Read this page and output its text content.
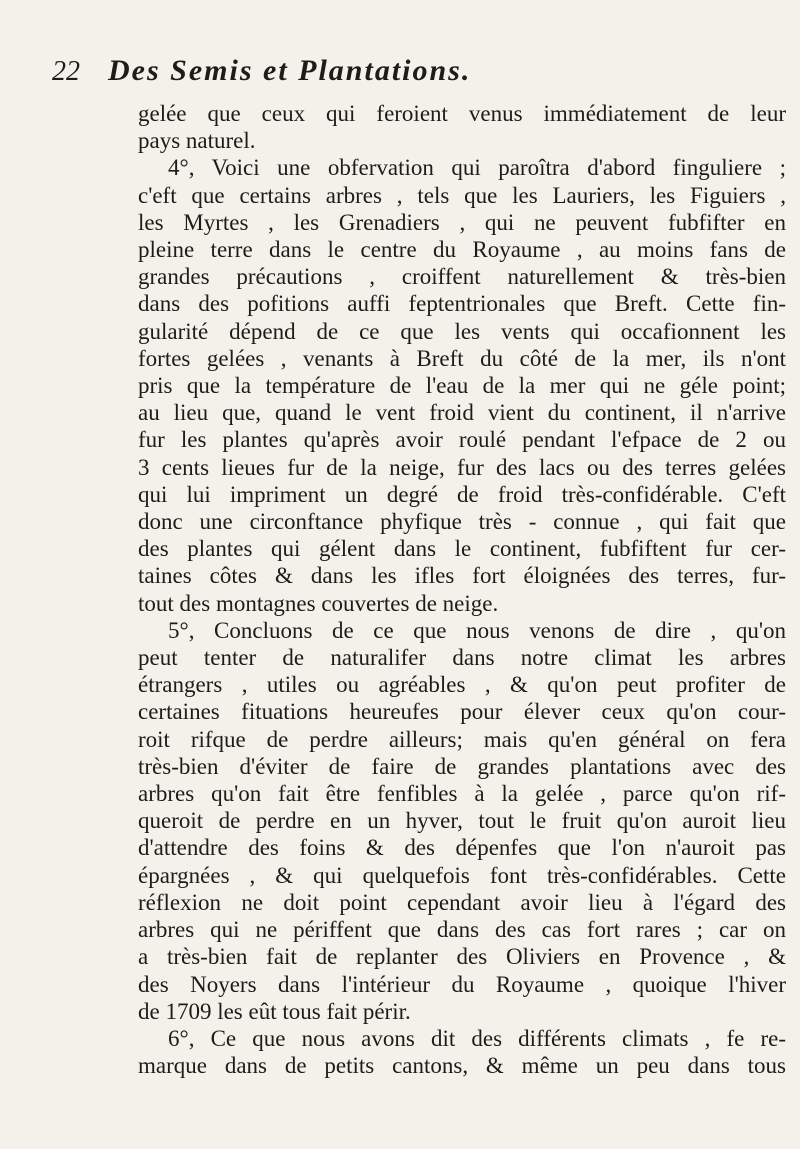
22 Des Semis et Plantations.
gelée que ceux qui feroient venus immédiatement de leur
pays naturel.
4°, Voici une obfervation qui paroîtra d'abord finguliere ;
c'eft que certains arbres , tels que les Lauriers, les Figuiers ,
les Myrtes , les Grenadiers , qui ne peuvent fubfifter en
pleine terre dans le centre du Royaume , au moins fans de
grandes précautions , croiffent naturellement & très-bien
dans des pofitions auffi feptentrionales que Breft. Cette fin-
gularité dépend de ce que les vents qui occafionnent les
fortes gelées , venants à Breft du côté de la mer, ils n'ont
pris que la température de l'eau de la mer qui ne géle point;
au lieu que, quand le vent froid vient du continent, il n'arrive
fur les plantes qu'après avoir roulé pendant l'efpace de 2 ou
3 cents lieues fur de la neige, fur des lacs ou des terres gelées
qui lui impriment un degré de froid très-confidérable. C'eft
donc une circonftance phyfique très - connue , qui fait que
des plantes qui gélent dans le continent, fubfiftent fur cer-
taines côtes & dans les ifles fort éloignées des terres, fur-
tout des montagnes couvertes de neige.
5°, Concluons de ce que nous venons de dire , qu'on
peut tenter de naturalifer dans notre climat les arbres
étrangers , utiles ou agréables , & qu'on peut profiter de
certaines fituations heureufes pour élever ceux qu'on cour-
roit rifque de perdre ailleurs; mais qu'en général on fera
très-bien d'éviter de faire de grandes plantations avec des
arbres qu'on fait être fenfibles à la gelée , parce qu'on rif-
queroit de perdre en un hyver, tout le fruit qu'on auroit lieu
d'attendre des foins & des dépenfes que l'on n'auroit pas
épargnées , & qui quelquefois font très-confidérables. Cette
réflexion ne doit point cependant avoir lieu à l'égard des
arbres qui ne périffent que dans des cas fort rares ; car on
a très-bien fait de replanter des Oliviers en Provence , &
des Noyers dans l'intérieur du Royaume , quoique l'hiver
de 1709 les eût tous fait périr.
6°, Ce que nous avons dit des différents climats , fe re-
marque dans de petits cantons, & même un peu dans tous
